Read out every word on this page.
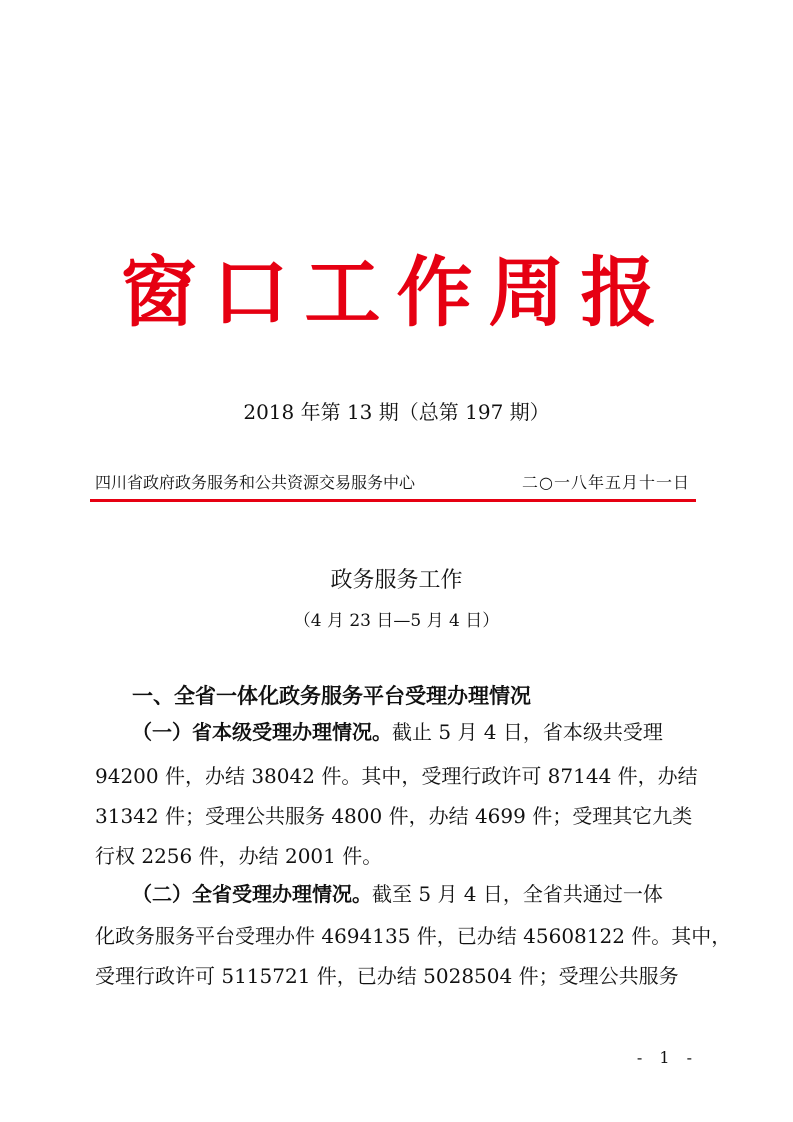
窗口工作周报
2018 年第 13 期（总第 197 期）
四川省政府政务服务和公共资源交易服务中心	二○一八年五月十一日
政务服务工作
（4 月 23 日—5 月 4 日）
一、全省一体化政务服务平台受理办理情况
（一）省本级受理办理情况。截止 5 月 4 日，省本级共受理
94200 件，办结 38042 件。其中，受理行政许可 87144 件，办结
31342 件；受理公共服务 4800 件，办结 4699 件；受理其它九类
行权 2256 件，办结 2001 件。
（二）全省受理办理情况。截至 5 月 4 日，全省共通过一体
化政务服务平台受理办件 4694135 件，已办结 45608122 件。其中，
受理行政许可 5115721 件，已办结 5028504 件；受理公共服务
- 1 -
